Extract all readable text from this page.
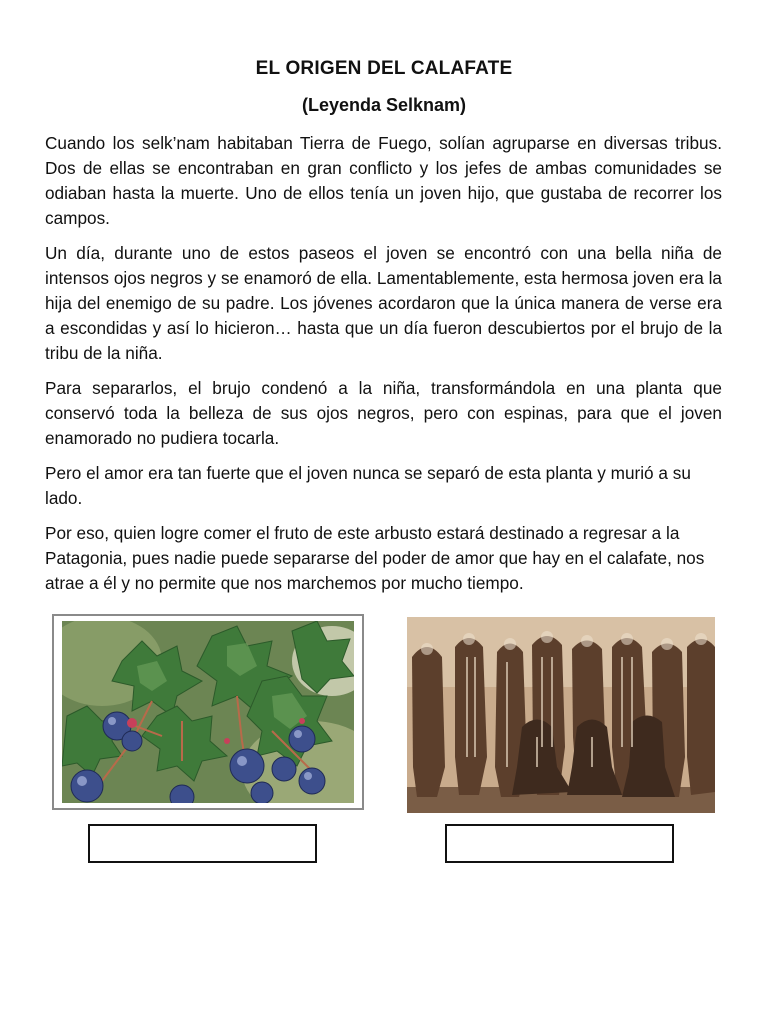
EL ORIGEN DEL CALAFATE
(Leyenda Selknam)

Cuando los selk’nam habitaban Tierra de Fuego, solían agruparse en diversas tribus. Dos de ellas se encontraban en gran conflicto y los jefes de ambas comunidades se odiaban hasta la muerte. Uno de ellos tenía un joven hijo, que gustaba de recorrer los campos.

Un día, durante uno de estos paseos el joven se encontró con una bella niña de intensos ojos negros y se enamoró de ella. Lamentablemente, esta hermosa joven era la hija del enemigo de su padre. Los jóvenes acordaron que la única manera de verse era a escondidas y así lo hicieron… hasta que un día fueron descubiertos por el brujo de la tribu de la niña.

Para separarlos, el brujo condenó a la niña, transformándola en una planta que conservó toda la belleza de sus ojos negros, pero con espinas, para que el joven enamorado no pudiera tocarla.

Pero el amor era tan fuerte que el joven nunca se separó de esta planta y murió a su lado.

Por eso, quien logre comer el fruto de este arbusto estará destinado a regresar a la Patagonia, pues nadie puede separarse del poder de amor que hay en el calafate, nos atrae a él y no permite que nos marchemos por mucho tiempo.
